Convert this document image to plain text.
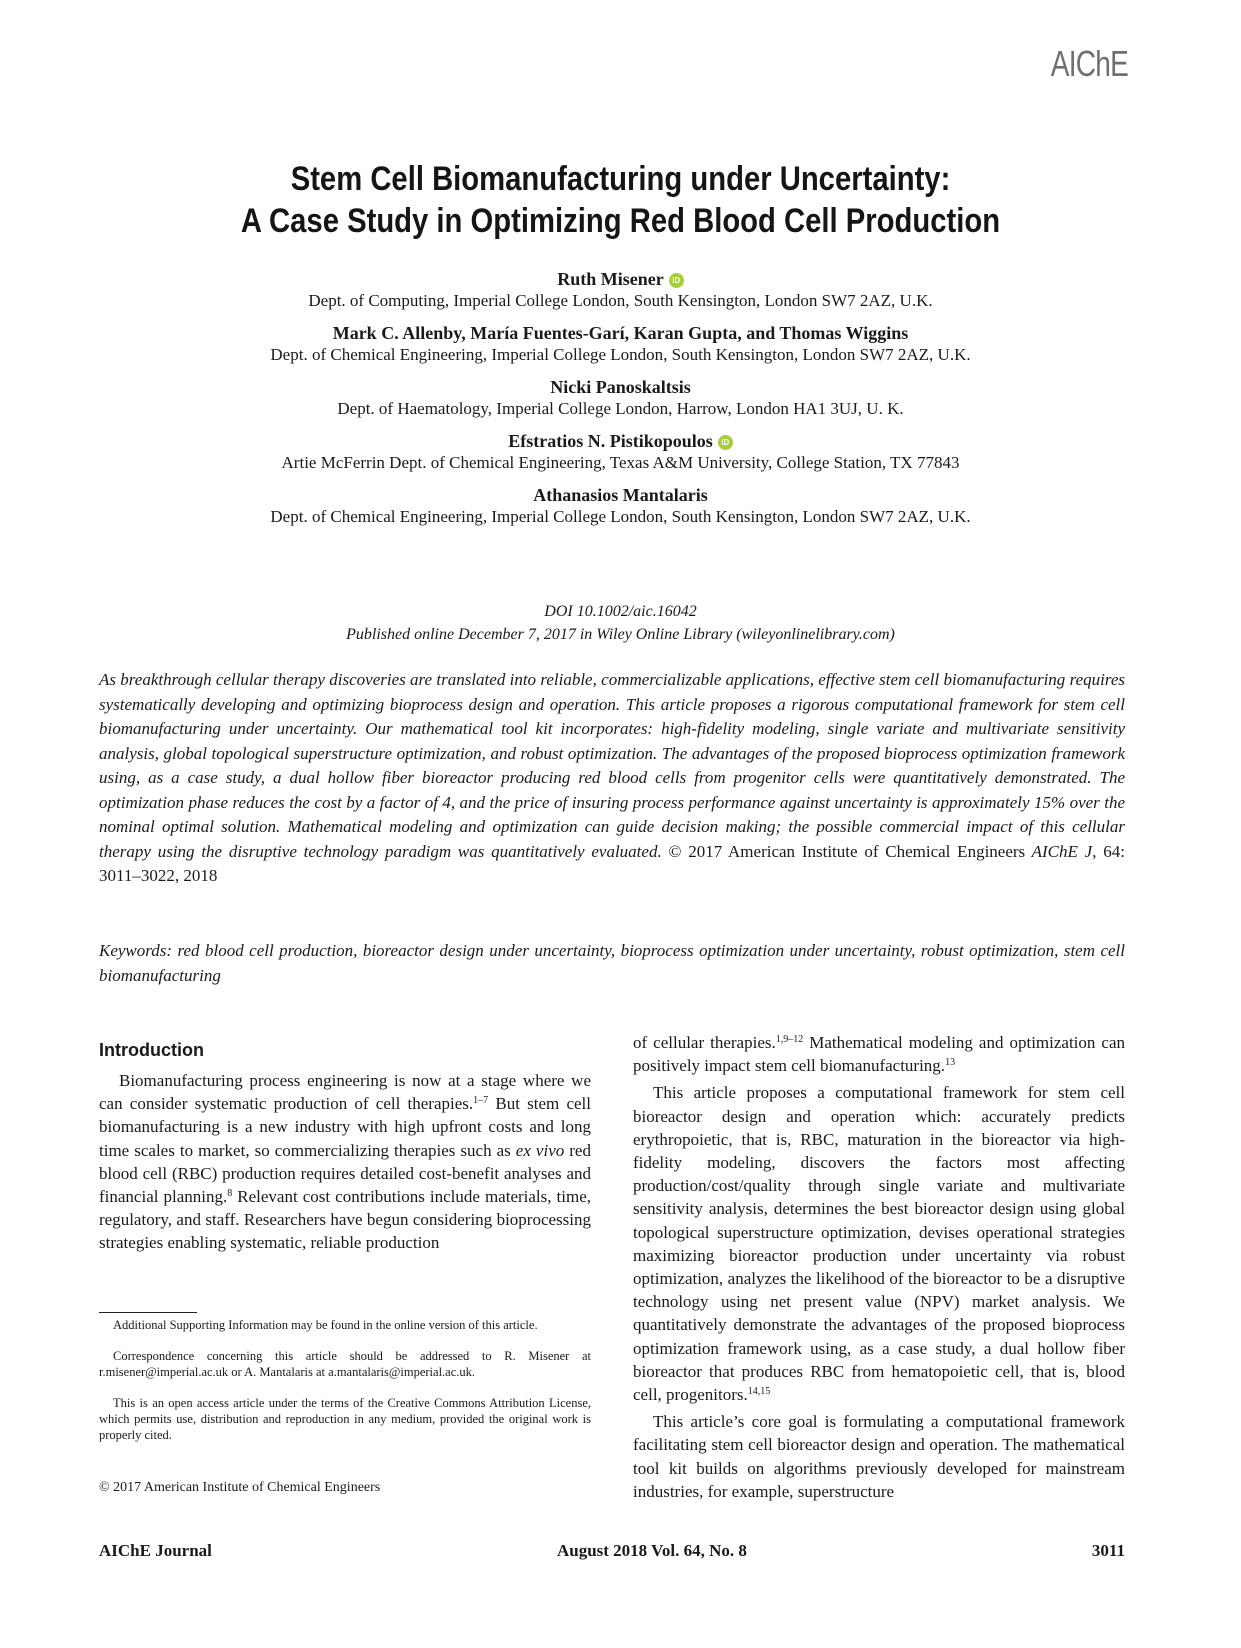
AIChE
Stem Cell Biomanufacturing under Uncertainty:
A Case Study in Optimizing Red Blood Cell Production
Ruth Misener iD
Dept. of Computing, Imperial College London, South Kensington, London SW7 2AZ, U.K.
Mark C. Allenby, María Fuentes-Garí, Karan Gupta, and Thomas Wiggins
Dept. of Chemical Engineering, Imperial College London, South Kensington, London SW7 2AZ, U.K.
Nicki Panoskaltsis
Dept. of Haematology, Imperial College London, Harrow, London HA1 3UJ, U. K.
Efstratios N. Pistikopoulos iD
Artie McFerrin Dept. of Chemical Engineering, Texas A&M University, College Station, TX 77843
Athanasios Mantalaris
Dept. of Chemical Engineering, Imperial College London, South Kensington, London SW7 2AZ, U.K.
DOI 10.1002/aic.16042
Published online December 7, 2017 in Wiley Online Library (wileyonlinelibrary.com)
As breakthrough cellular therapy discoveries are translated into reliable, commercializable applications, effective stem cell biomanufacturing requires systematically developing and optimizing bioprocess design and operation. This article proposes a rigorous computational framework for stem cell biomanufacturing under uncertainty. Our mathematical tool kit incorporates: high-fidelity modeling, single variate and multivariate sensitivity analysis, global topological superstructure optimization, and robust optimization. The advantages of the proposed bioprocess optimization framework using, as a case study, a dual hollow fiber bioreactor producing red blood cells from progenitor cells were quantitatively demonstrated. The optimization phase reduces the cost by a factor of 4, and the price of insuring process performance against uncertainty is approximately 15% over the nominal optimal solution. Mathematical modeling and optimization can guide decision making; the possible commercial impact of this cellular therapy using the disruptive technology paradigm was quantitatively evaluated. © 2017 American Institute of Chemical Engineers AIChE J, 64: 3011–3022, 2018
Keywords: red blood cell production, bioreactor design under uncertainty, bioprocess optimization under uncertainty, robust optimization, stem cell biomanufacturing
Introduction

Biomanufacturing process engineering is now at a stage where we can consider systematic production of cell therapies.$^{1-7}$ But stem cell biomanufacturing is a new industry with high upfront costs and long time scales to market, so commercializing therapies such as ex vivo red blood cell (RBC) production requires detailed cost-benefit analyses and financial planning.$^8$ Relevant cost contributions include materials, time, regulatory, and staff. Researchers have begun considering bioprocessing strategies enabling systematic, reliable production

Additional Supporting Information may be found in the online version of this article.

Correspondence concerning this article should be addressed to R. Misener at r.misener@imperial.ac.uk or A. Mantalaris at a.mantalaris@imperial.ac.uk.

This is an open access article under the terms of the Creative Commons Attribution License, which permits use, distribution and reproduction in any medium, provided the original work is properly cited.

© 2017 American Institute of Chemical Engineers

of cellular therapies.$^{1,9-12}$ Mathematical modeling and optimization can positively impact stem cell biomanufacturing.$^{13}$

This article proposes a computational framework for stem cell bioreactor design and operation which: accurately predicts erythropoietic, that is, RBC, maturation in the bioreactor via high-fidelity modeling, discovers the factors most affecting production/cost/quality through single variate and multivariate sensitivity analysis, determines the best bioreactor design using global topological superstructure optimization, devises operational strategies maximizing bioreactor production under uncertainty via robust optimization, analyzes the likelihood of the bioreactor to be a disruptive technology using net present value (NPV) market analysis. We quantitatively demonstrate the advantages of the proposed bioprocess optimization framework using, as a case study, a dual hollow fiber bioreactor that produces RBC from hematopoietic cell, that is, blood cell, progenitors.$^{14,15}$

This article’s core goal is formulating a computational framework facilitating stem cell bioreactor design and operation. The mathematical tool kit builds on algorithms previously developed for mainstream industries, for example, superstructure

AIChE Journal	August 2018 Vol. 64, No. 8	3011
